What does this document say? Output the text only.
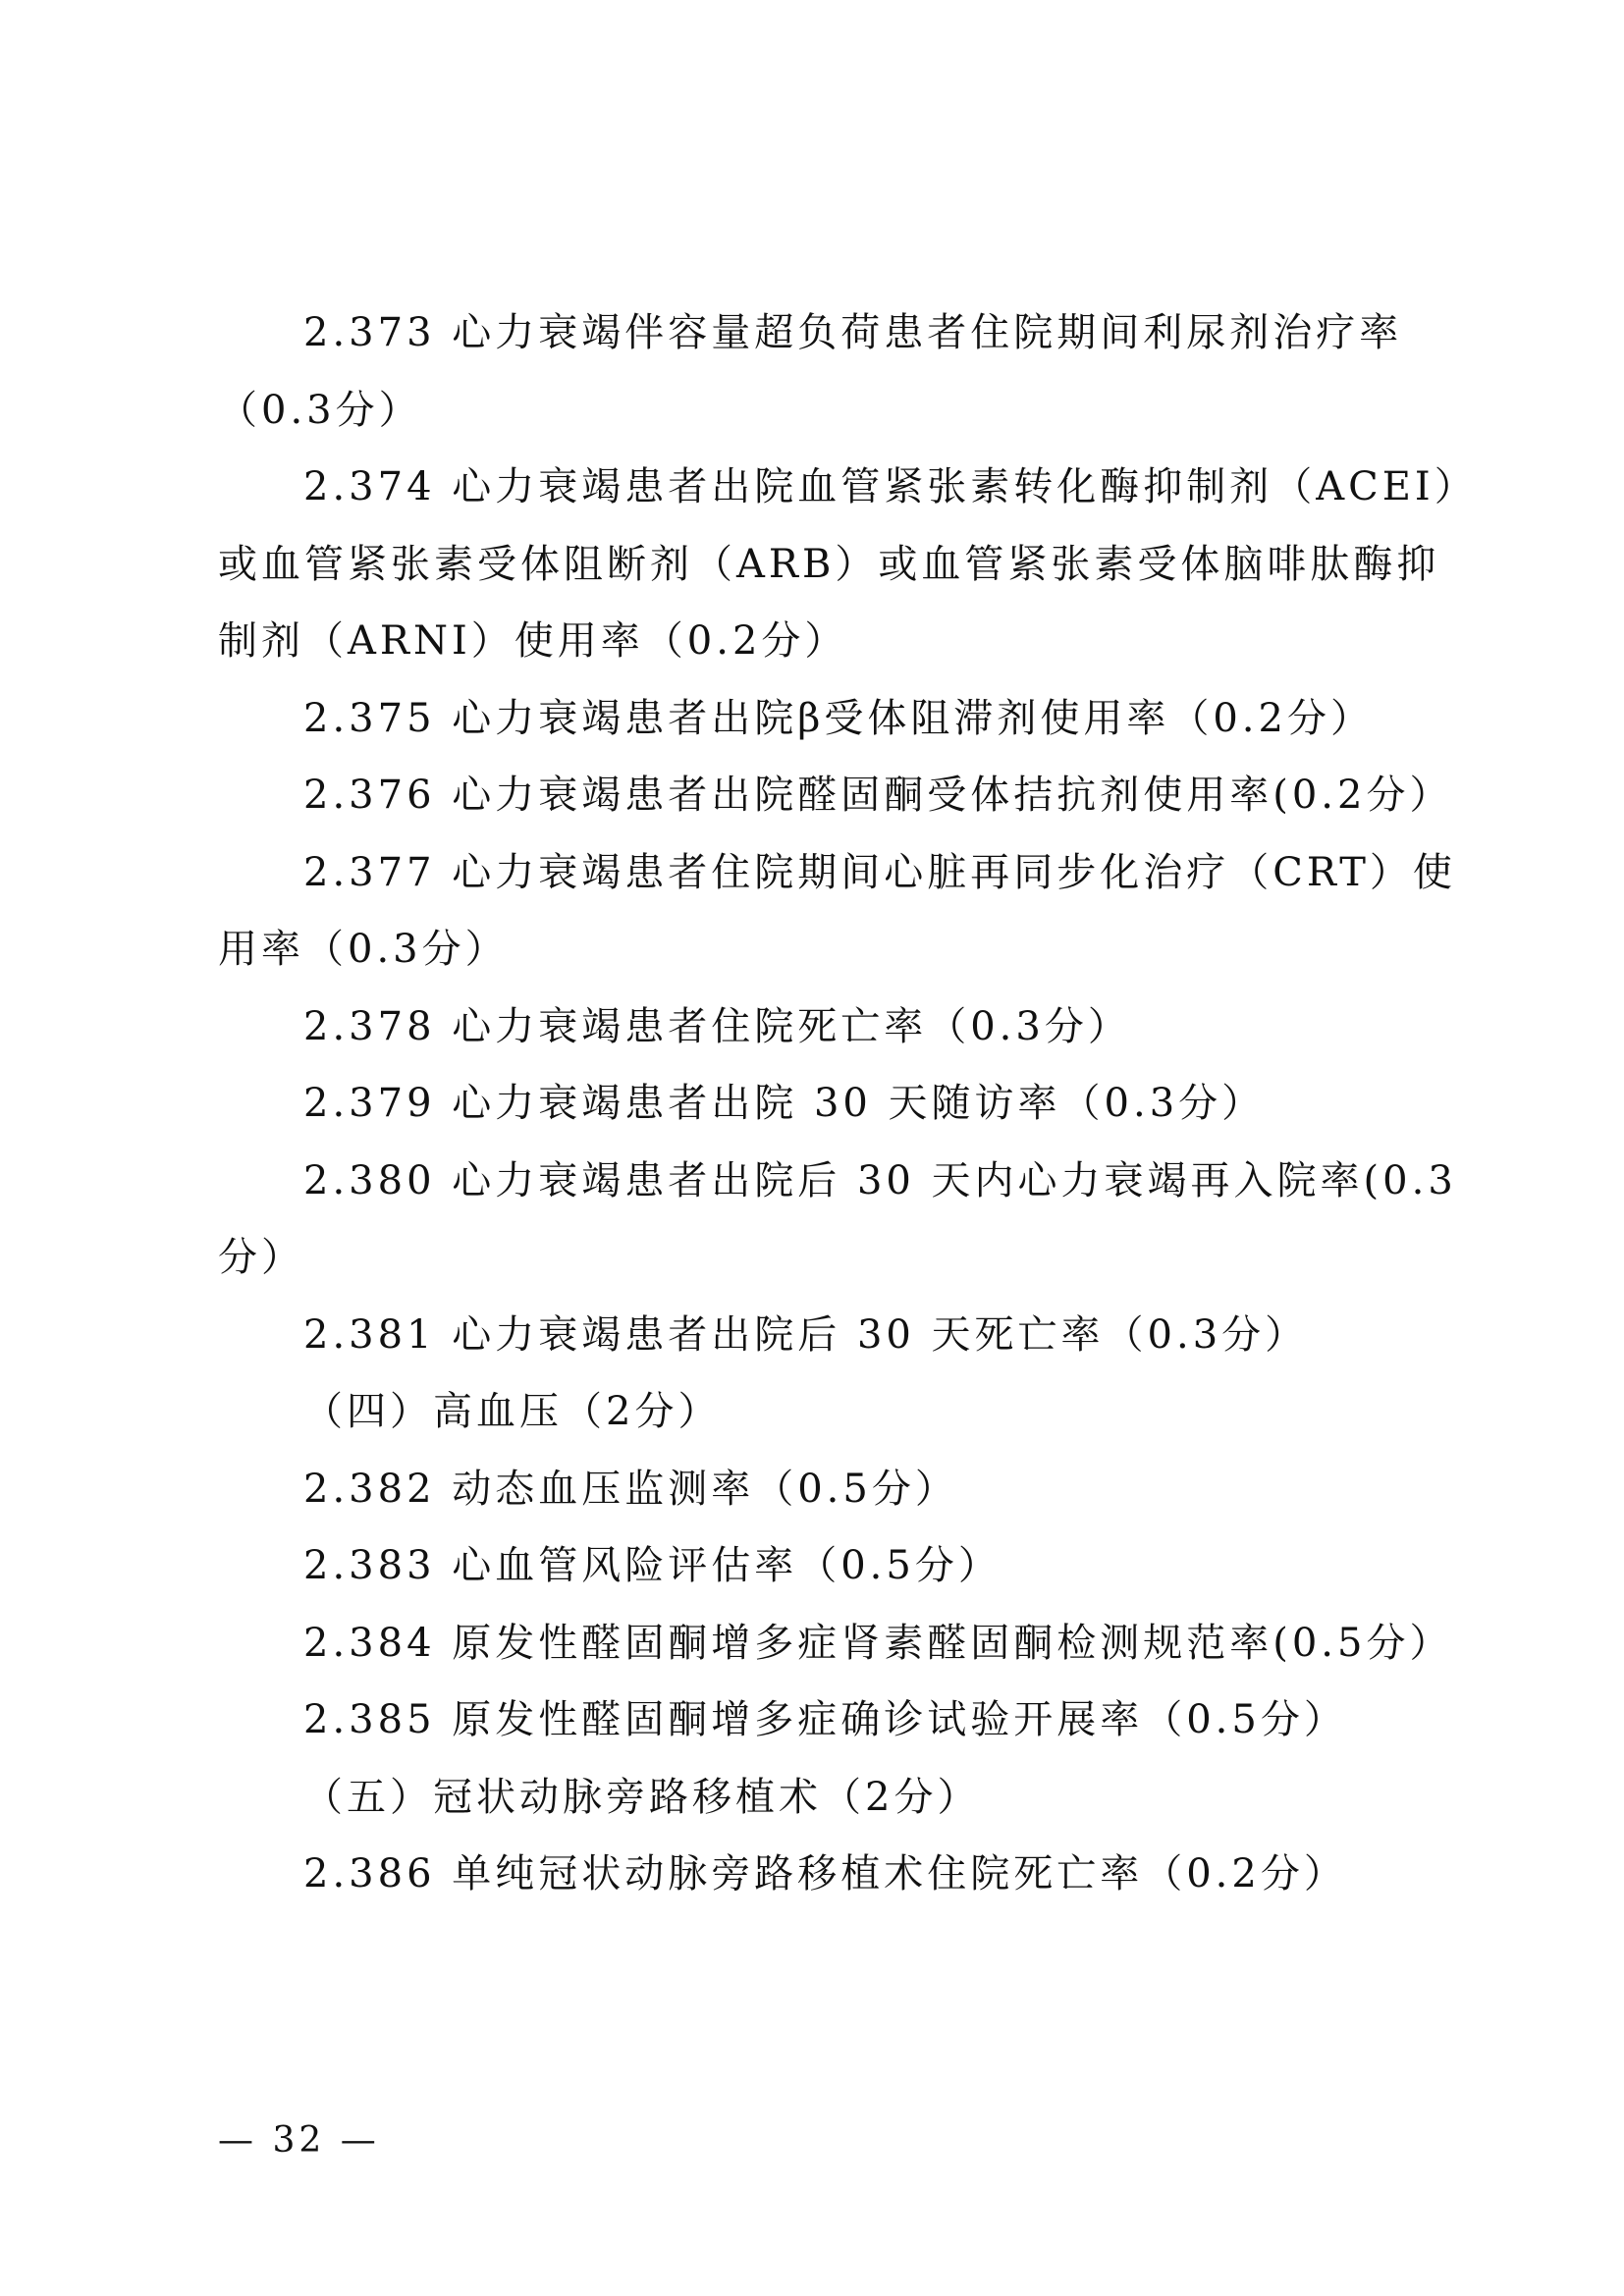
2.373 心力衰竭伴容量超负荷患者住院期间利尿剂治疗率
（0.3分）
2.374 心力衰竭患者出院血管紧张素转化酶抑制剂（ACEI）
或血管紧张素受体阻断剂（ARB）或血管紧张素受体脑啡肽酶抑
制剂（ARNI）使用率（0.2分）
2.375 心力衰竭患者出院β受体阻滞剂使用率（0.2分）
2.376 心力衰竭患者出院醛固酮受体拮抗剂使用率(0.2分）
2.377 心力衰竭患者住院期间心脏再同步化治疗（CRT）使
用率（0.3分）
2.378 心力衰竭患者住院死亡率（0.3分）
2.379 心力衰竭患者出院 30 天随访率（0.3分）
2.380 心力衰竭患者出院后 30 天内心力衰竭再入院率(0.3
分）
2.381 心力衰竭患者出院后 30 天死亡率（0.3分）
（四）高血压（2分）
2.382 动态血压监测率（0.5分）
2.383 心血管风险评估率（0.5分）
2.384 原发性醛固酮增多症肾素醛固酮检测规范率(0.5分）
2.385 原发性醛固酮增多症确诊试验开展率（0.5分）
（五）冠状动脉旁路移植术（2分）
2.386 单纯冠状动脉旁路移植术住院死亡率（0.2分）
— 32 —
